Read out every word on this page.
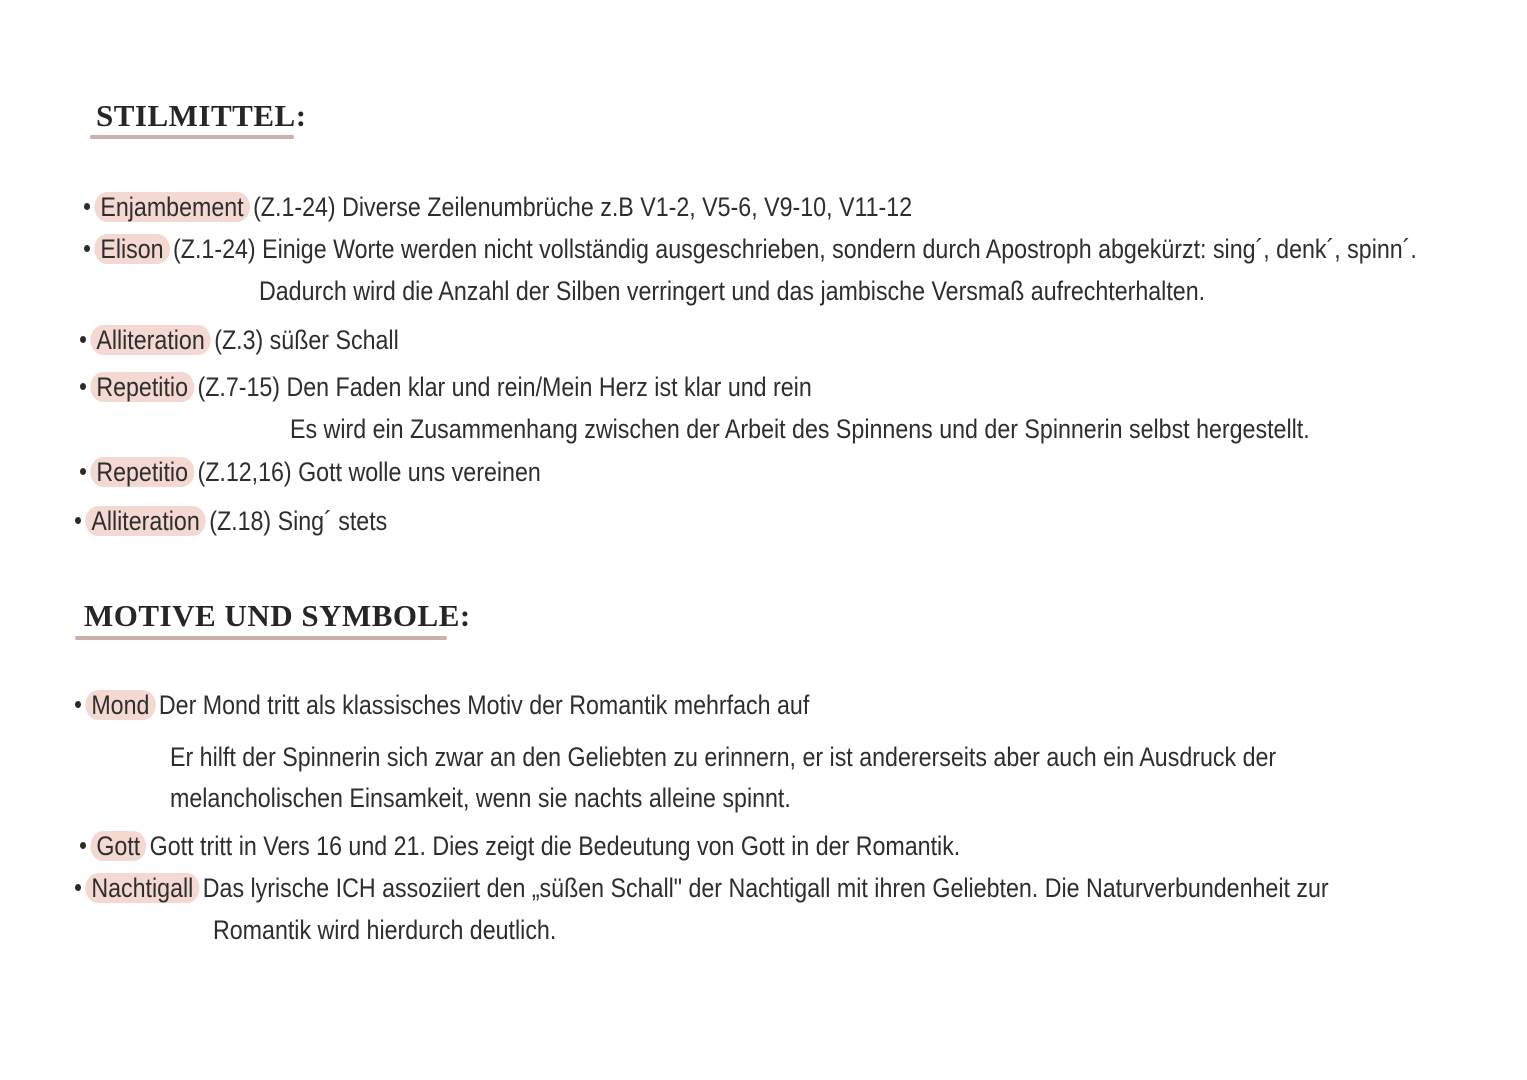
STILMITTEL:
Enjambement (Z.1-24) Diverse Zeilenumbrüche z.B V1-2, V5-6, V9-10, V11-12
Elison (Z.1-24) Einige Worte werden nicht vollständig ausgeschrieben, sondern durch Apostroph abgekürzt: sing´, denk´, spinn´.
Dadurch wird die Anzahl der Silben verringert und das jambische Versmaß aufrechterhalten.
Alliteration (Z.3) süßer Schall
Repetitio (Z.7-15) Den Faden klar und rein/Mein Herz ist klar und rein
Es wird ein Zusammenhang zwischen der Arbeit des Spinnens und der Spinnerin selbst hergestellt.
Repetitio (Z.12,16) Gott wolle uns vereinen
Alliteration (Z.18) Sing´ stets
MOTIVE UND SYMBOLE:
Mond Der Mond tritt als klassisches Motiv der Romantik mehrfach auf
Er hilft der Spinnerin sich zwar an den Geliebten zu erinnern, er ist andererseits aber auch ein Ausdruck der
melancholischen Einsamkeit, wenn sie nachts alleine spinnt.
Gott Gott tritt in Vers 16 und 21. Dies zeigt die Bedeutung von Gott in der Romantik.
Nachtigall Das lyrische ICH assoziiert den „süßen Schall" der Nachtigall mit ihren Geliebten. Die Naturverbundenheit zur
Romantik wird hierdurch deutlich.
